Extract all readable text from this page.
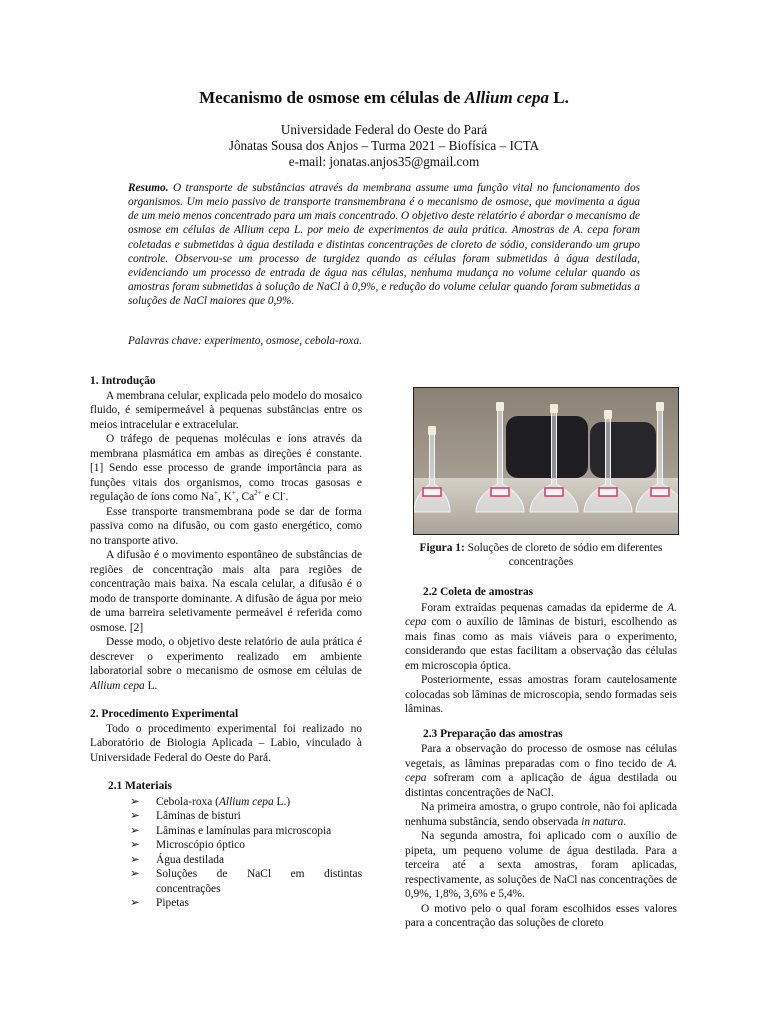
Mecanismo de osmose em células de Allium cepa L.
Universidade Federal do Oeste do Pará
Jônatas Sousa dos Anjos – Turma 2021 – Biofísica – ICTA
e-mail: jonatas.anjos35@gmail.com
Resumo. O transporte de substâncias através da membrana assume uma função vital no funcionamento dos organismos. Um meio passivo de transporte transmembrana é o mecanismo de osmose, que movimenta a água de um meio menos concentrado para um mais concentrado. O objetivo deste relatório é abordar o mecanismo de osmose em células de Allium cepa L. por meio de experimentos de aula prática. Amostras de A. cepa foram coletadas e submetidas à água destilada e distintas concentrações de cloreto de sódio, considerando um grupo controle. Observou-se um processo de turgidez quando as células foram submetidas à água destilada, evidenciando um processo de entrada de água nas células, nenhuma mudança no volume celular quando as amostras foram submetidas à solução de NaCl à 0,9%, e redução do volume celular quando foram submetidas a soluções de NaCl maiores que 0,9%.
Palavras chave: experimento, osmose, cebola-roxa.
1. Introdução

A membrana celular, explicada pelo modelo do mosaico fluido, é semipermeável à pequenas substâncias entre os meios intracelular e extracelular.

O tráfego de pequenas moléculas e íons através da membrana plasmática em ambas as direções é constante. [1] Sendo esse processo de grande importância para as funções vitais dos organismos, como trocas gasosas e regulação de íons como Na+, K+, $Ca^{2+}$ e Cl-.

Esse transporte transmembrana pode se dar de forma passiva como na difusão, ou com gasto energético, como no transporte ativo.

A difusão é o movimento espontâneo de substâncias de regiões de concentração mais alta para regiões de concentração mais baixa. Na escala celular, a difusão é o modo de transporte dominante. A difusão de água por meio de uma barreira seletivamente permeável é referida como osmose. [2]

Desse modo, o objetivo deste relatório de aula prática é descrever o experimento realizado em ambiente laboratorial sobre o mecanismo de osmose em células de Allium cepa L.

2. Procedimento Experimental

Todo o procedimento experimental foi realizado no Laboratório de Biologia Aplicada – Labio, vinculado à Universidade Federal do Oeste do Pará.

2.1 Materiais
➢ Cebola-roxa (Allium cepa L.)
➢ Lâminas de bisturi
➢ Lâminas e lamínulas para microscopia
➢ Microscópio óptico
➢ Água destilada
➢ Soluções de NaCl em distintas concentrações
➢ Pipetas
Figura 1: Soluções de cloreto de sódio em diferentes concentrações
2.2 Coleta de amostras

Foram extraídas pequenas camadas da epiderme de A. cepa com o auxílio de lâminas de bisturi, escolhendo as mais finas como as mais viáveis para o experimento, considerando que estas facilitam a observação das células em microscopia óptica.

Posteriormente, essas amostras foram cautelosamente colocadas sob lâminas de microscopia, sendo formadas seis lâminas.

2.3 Preparação das amostras

Para a observação do processo de osmose nas células vegetais, as lâminas preparadas com o fino tecido de A. cepa sofreram com a aplicação de água destilada ou distintas concentrações de NaCl.

Na primeira amostra, o grupo controle, não foi aplicada nenhuma substância, sendo observada in natura.

Na segunda amostra, foi aplicado com o auxílio de pipeta, um pequeno volume de água destilada. Para a terceira até a sexta amostras, foram aplicadas, respectivamente, as soluções de NaCl nas concentrações de 0,9%, 1,8%, 3,6% e 5,4%.

O motivo pelo o qual foram escolhidos esses valores para a concentração das soluções de cloreto
